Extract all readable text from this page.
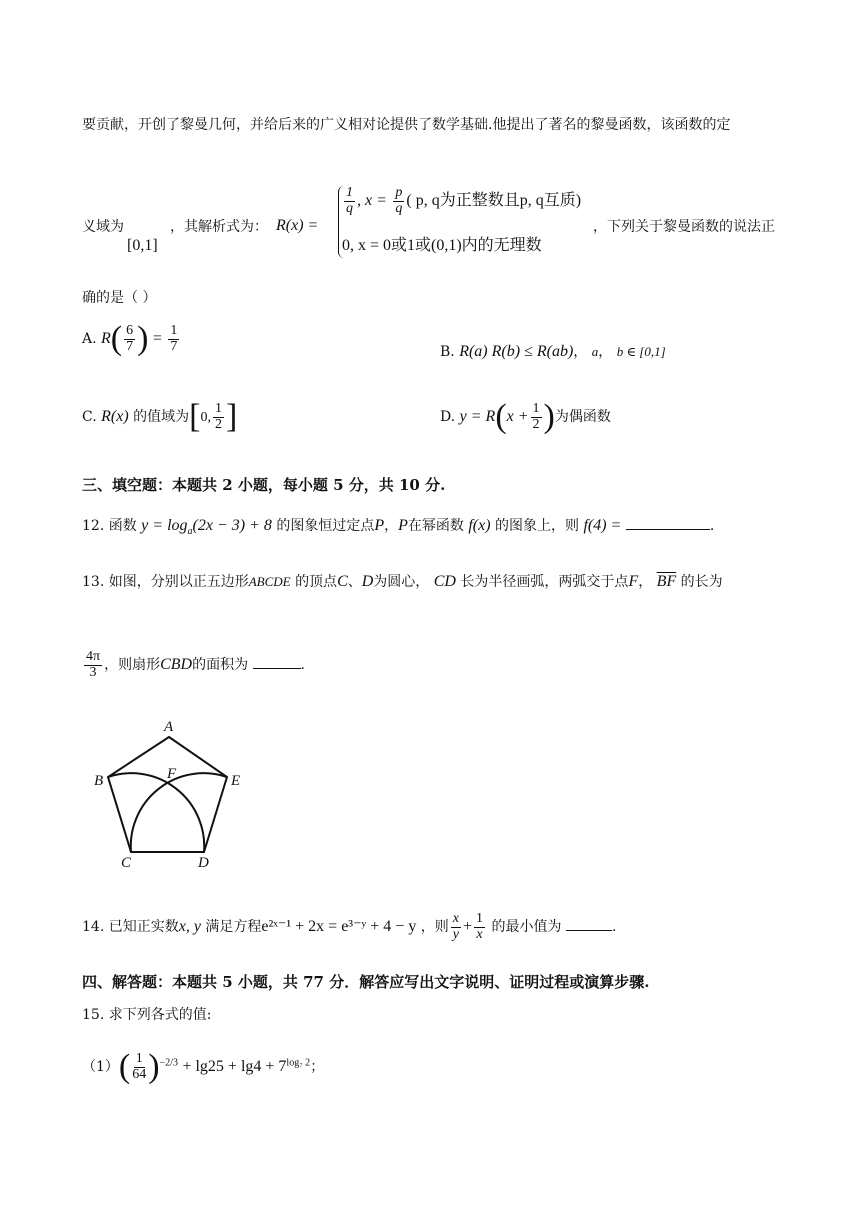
要贡献，开创了黎曼几何，并给后来的广义相对论提供了数学基础.他提出了著名的黎曼函数，该函数的定
义域为
[0,1]
，其解析式为： R(x) =
$\frac{1}{q}$ , $x = \frac{p}{q}$ ( p, q为正整数且p, q互质)
0, x = 0或1或(0,1)内的无理数
，下列关于黎曼函数的说法正
确的是（ ）
A. $R( \frac{6}{7}$ ) = $\frac{1}{7}$	B. R(a) R(b) ≤ R(ab)， a， b ∈ [0,1]
C. R(x) 的值域为[0, $\frac{1}{2}$ ]	D. $y = R(x + \frac{1}{2}$ )为偶函数
三、填空题：本题共 2 小题，每小题 5 分，共 10 分.
12. 函数 $y = \log_a(2x - 3) + 8$ 的图象恒过定点P，P在幂函数 f(x) 的图象上，则 f(4) =	.
13. 如图，分别以正五边形ABCDE 的顶点C、D为圆心， CD 长为半径画弧，两弧交于点F， $\overline{BF}$ 的长为
$\frac{4\pi}{3}$ ，则扇形CBD的面积为	.
A
B
C	D
E
F
14. 已知正实数x, y 满足方程e²ˣ⁻¹ + 2x = e³⁻ʸ + 4 − y ，则 $\frac{x}{y} + \frac{1}{x}$ 的最小值为	.
四、解答题：本题共 5 小题，共 77 分．解答应写出文字说明、证明过程或演算步骤.
15. 求下列各式的值:
$(1)( \frac{1}{64} )^{-2/3} + \lg 25 + \lg 4 + 7^{log_7 2}$；
